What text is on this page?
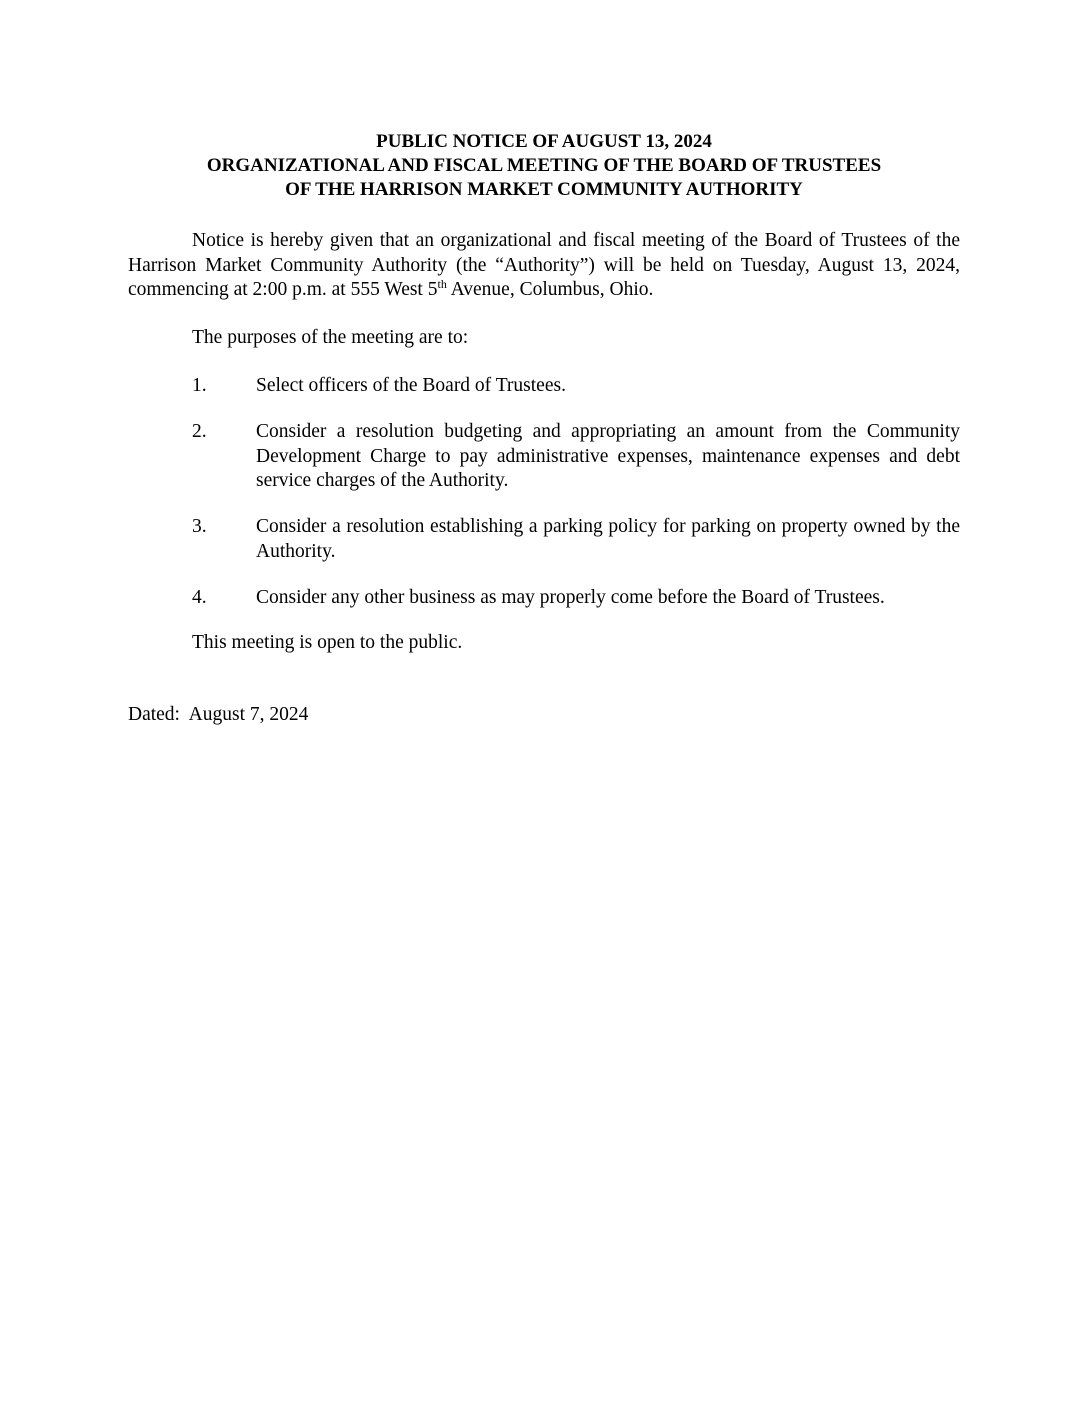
PUBLIC NOTICE OF AUGUST 13, 2024
ORGANIZATIONAL AND FISCAL MEETING OF THE BOARD OF TRUSTEES
OF THE HARRISON MARKET COMMUNITY AUTHORITY
Notice is hereby given that an organizational and fiscal meeting of the Board of Trustees of the Harrison Market Community Authority (the “Authority”) will be held on Tuesday, August 13, 2024, commencing at 2:00 p.m. at 555 West 5th Avenue, Columbus, Ohio.
The purposes of the meeting are to:
1.	Select officers of the Board of Trustees.
2.	Consider a resolution budgeting and appropriating an amount from the Community Development Charge to pay administrative expenses, maintenance expenses and debt service charges of the Authority.
3.	Consider a resolution establishing a parking policy for parking on property owned by the Authority.
4.	Consider any other business as may properly come before the Board of Trustees.
This meeting is open to the public.
Dated: August 7, 2024
